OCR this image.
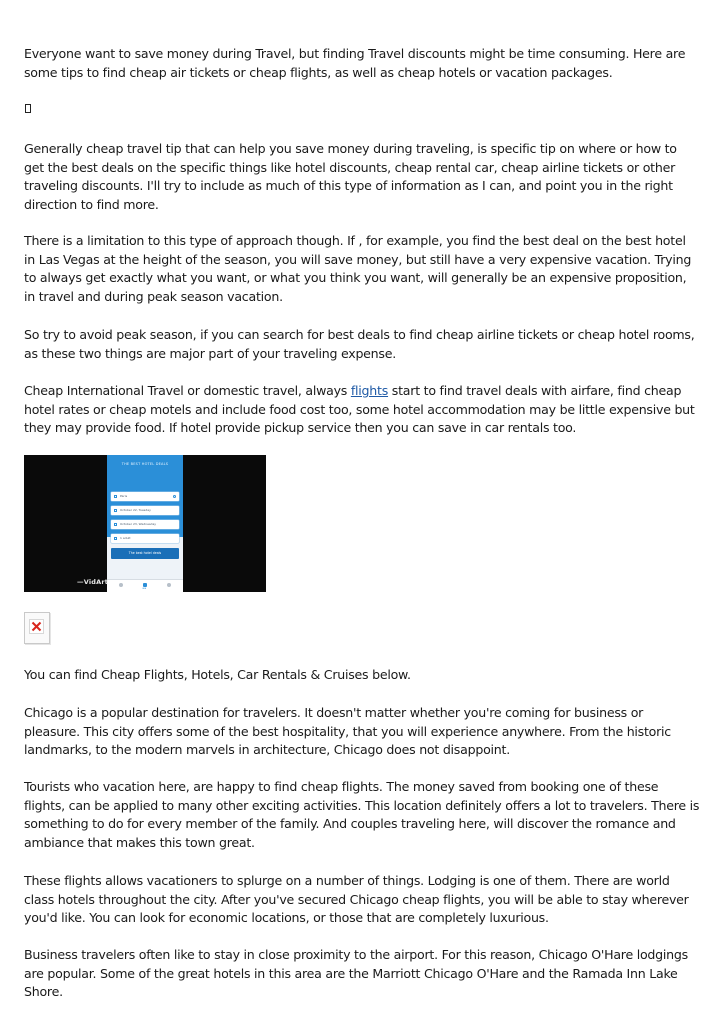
Everyone want to save money during Travel, but finding Travel discounts might be time consuming. Here are some tips to find cheap air tickets or cheap flights, as well as cheap hotels or vacation packages.

Generally cheap travel tip that can help you save money during traveling, is specific tip on where or how to get the best deals on the specific things like hotel discounts, cheap rental car, cheap airline tickets or other traveling discounts. I'll try to include as much of this type of information as I can, and point you in the right direction to find more.

There is a limitation to this type of approach though. If , for example, you find the best deal on the best hotel in Las Vegas at the height of the season, you will save money, but still have a very expensive vacation. Trying to always get exactly what you want, or what you think you want, will generally be an expensive proposition, in travel and during peak season vacation.

So try to avoid peak season, if you can search for best deals to find cheap airline tickets or cheap hotel rooms, as these two things are major part of your traveling expense.

Cheap International Travel or domestic travel, always flights start to find travel deals with airfare, find cheap hotel rates or cheap motels and include food cost too, some hotel accommodation may be little expensive but they may provide food. If hotel provide pickup service then you can save in car rentals too.

THE BEST HOTEL DEALS
Paris
October 22, Tuesday
October 23, Wednesday
1 adult
The best hotel deals
GPA
—VidArt

You can find Cheap Flights, Hotels, Car Rentals & Cruises below.

Chicago is a popular destination for travelers. It doesn't matter whether you're coming for business or pleasure. This city offers some of the best hospitality, that you will experience anywhere. From the historic landmarks, to the modern marvels in architecture, Chicago does not disappoint.

Tourists who vacation here, are happy to find cheap flights. The money saved from booking one of these flights, can be applied to many other exciting activities. This location definitely offers a lot to travelers. There is something to do for every member of the family. And couples traveling here, will discover the romance and ambiance that makes this town great.

These flights allows vacationers to splurge on a number of things. Lodging is one of them. There are world class hotels throughout the city. After you've secured Chicago cheap flights, you will be able to stay wherever you'd like. You can look for economic locations, or those that are completely luxurious.

Business travelers often like to stay in close proximity to the airport. For this reason, Chicago O'Hare lodgings are popular. Some of the great hotels in this area are the Marriott Chicago O'Hare and the Ramada Inn Lake Shore.
